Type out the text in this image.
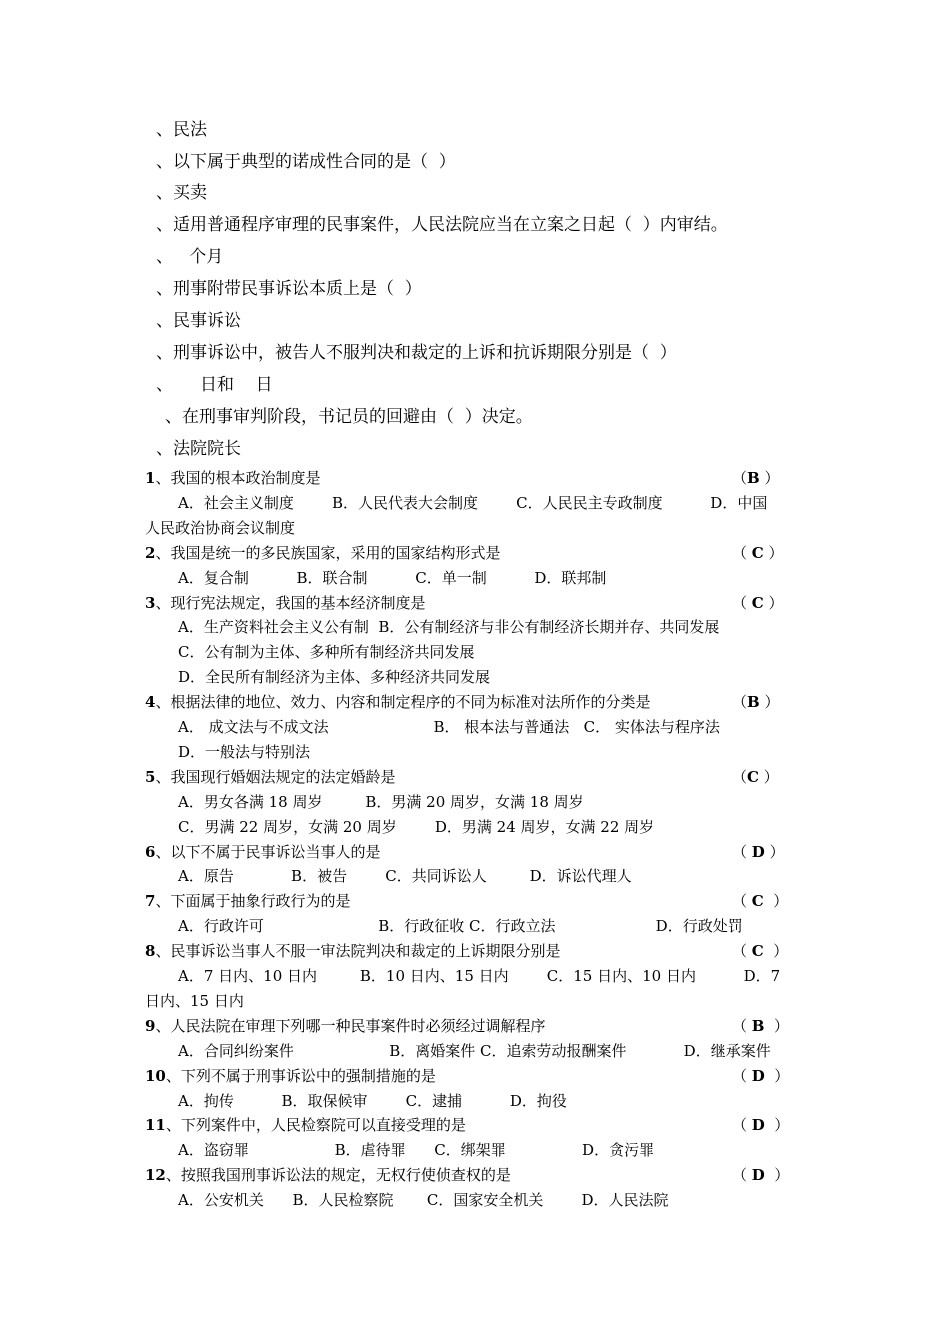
、民法
、以下属于典型的诺成性合同的是（  ）
、买卖
、适用普通程序审理的民事案件，人民法院应当在立案之日起（  ）内审结。
、   个月
、刑事附带民事诉讼本质上是（  ）
、民事诉讼
、刑事诉讼中，被告人不服判决和裁定的上诉和抗诉期限分别是（  ）
、     日和    日
、在刑事审判阶段，书记员的回避由（  ）决定。
、法院院长
1、我国的根本政治制度是	（B ）
A．社会主义制度        B．人民代表大会制度        C．人民民主专政制度          D．中国
人民政治协商会议制度
2、我国是统一的多民族国家，采用的国家结构形式是	（ C ）
A．复合制          B．联合制          C．单一制          D．联邦制
3、现行宪法规定，我国的基本经济制度是	（ C ）
A．生产资料社会主义公有制  B．公有制经济与非公有制经济长期并存、共同发展
C．公有制为主体、多种所有制经济共同发展
D．全民所有制经济为主体、多种经济共同发展
4、根据法律的地位、效力、内容和制定程序的不同为标准对法所作的分类是	（B ）
A． 成文法与不成文法                      B． 根本法与普通法   C． 实体法与程序法
D．一般法与特别法
5、我国现行婚姻法规定的法定婚龄是	（C ）
A．男女各满 18 周岁         B．男满 20 周岁，女满 18 周岁
C．男满 22 周岁，女满 20 周岁        D．男满 24 周岁，女满 22 周岁
6、以下不属于民事诉讼当事人的是	（ D ）
A．原告            B．被告        C．共同诉讼人         D．诉讼代理人
7、下面属于抽象行政行为的是	（ C  ）
A．行政许可                        B．行政征收 C．行政立法                     D．行政处罚
8、民事诉讼当事人不服一审法院判决和裁定的上诉期限分别是	（ C  ）
A．7 日内、10 日内         B．10 日内、15 日内        C．15 日内、10 日内          D．7
日内、15 日内
9、人民法院在审理下列哪一种民事案件时必须经过调解程序	（ B  ）
A．合同纠纷案件                    B．离婚案件 C．追索劳动报酬案件            D．继承案件
10、下列不属于刑事诉讼中的强制措施的是	（ D  ）
A．拘传          B．取保候审        C．逮捕          D．拘役
11、下列案件中，人民检察院可以直接受理的是	（ D  ）
A．盗窃罪                  B．虐待罪      C．绑架罪                D．贪污罪
12、按照我国刑事诉讼法的规定，无权行使侦查权的是	（ D  ）
A．公安机关      B．人民检察院       C．国家安全机关        D．人民法院
